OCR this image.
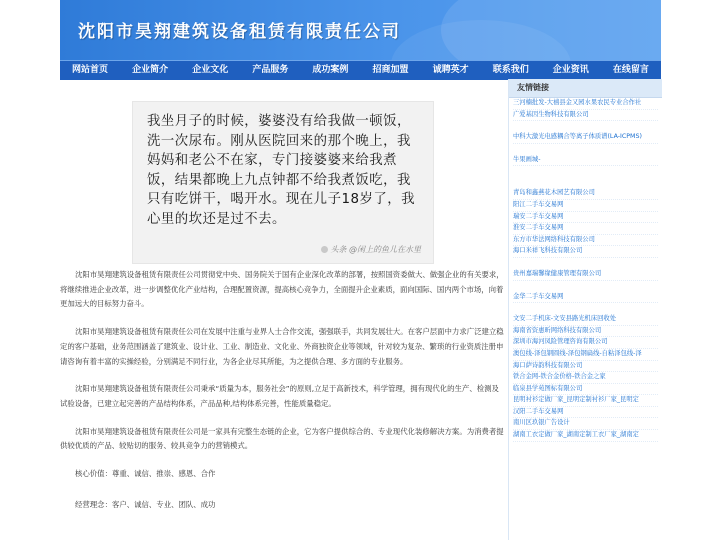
沈阳市昊翔建筑设备租赁有限责任公司
网站首页	企业简介	企业文化	产品服务	成功案例	招商加盟	诚聘英才	联系我们	企业资讯	在线留言
我坐月子的时候，婆婆没有给我做一顿饭，洗一次尿布。刚从医院回来的那个晚上，我妈妈和老公不在家，专门接婆婆来给我煮饭，结果都晚上九点钟都不给我煮饭吃，我只有吃饼干，喝开水。现在儿子18岁了，我心里的坎还是过不去。
头条 @闲上的鱼儿在水里

沈阳市昊翔建筑设备租赁有限责任公司贯彻党中央、国务院关于国有企业深化改革的部署，按照国资委做大、做强企业的有关要求，将继续推进企业改革，进一步调整优化产业结构，合理配置资源，提高核心竞争力，全面提升企业素质，面向国际、国内两个市场，向着更加远大的目标努力奋斗。

沈阳市昊翔建筑设备租赁有限责任公司在发展中注重与业界人士合作交流，强强联手，共同发展壮大。在客户层面中力求广泛建立稳定的客户基础，业务范围涵盖了建筑业、设计业、工业、制造业、文化业、外商独资企业等领域，针对较为复杂、繁琐的行业资质注册申请咨询有着丰富的实操经验，分别满足不同行业，为各企业尽其所能，为之提供合理、多方面的专业服务。

沈阳市昊翔建筑设备租赁有限责任公司秉承“质量为本，服务社会”的原则,立足于高新技术，科学管理，拥有现代化的生产、检测及试验设备，已建立起完善的产品结构体系，产品品种,结构体系完善，性能质量稳定。

沈阳市昊翔建筑设备租赁有限责任公司是一家具有完整生态链的企业，它为客户提供综合的、专业现代化装修解决方案。为消费者提供较优质的产品、较贴切的服务、较具竞争力的营销模式。

核心价值：尊重、诚信、推崇、感恩、合作

经营理念：客户、诚信、专业、团队、成功

友情链接
三河楠批发-大禧县金又园水果农民专业合作社
广爱基因生物科技有限公司
中科大激光电感耦合等离子体质谱(LA-ICPMS)
牛果画城-
青岛和鑫燕花木园艺有限公司
阳江二手车交易网
瑞安二手车交易网
淮安二手车交易网
东方市华法网络科技有限公司
海口米祥飞科技有限公司
贵州嘉瑞馨缘健康管理有限公司
金华二手车交易网
文安二手机床-文安县路光机床回收处
海南省资惠昕网络科技有限公司
深圳市海河凤险管理咨询有限公司
澳包线-泽包钢圆线-泽包钢扁线-自粘泽包线-泽
海口萨诗韵科技有限公司
铁合金网-铁合金价格-铁合金之家
临泉县学苑图标有限公司
昆明衬衫定做厂家_昆明定制衬衫厂家_昆明定
汉阳二手车交易网
南川区玖银广告设计
湖南工衣定做厂家_湖南定制工衣厂家_湖南定
